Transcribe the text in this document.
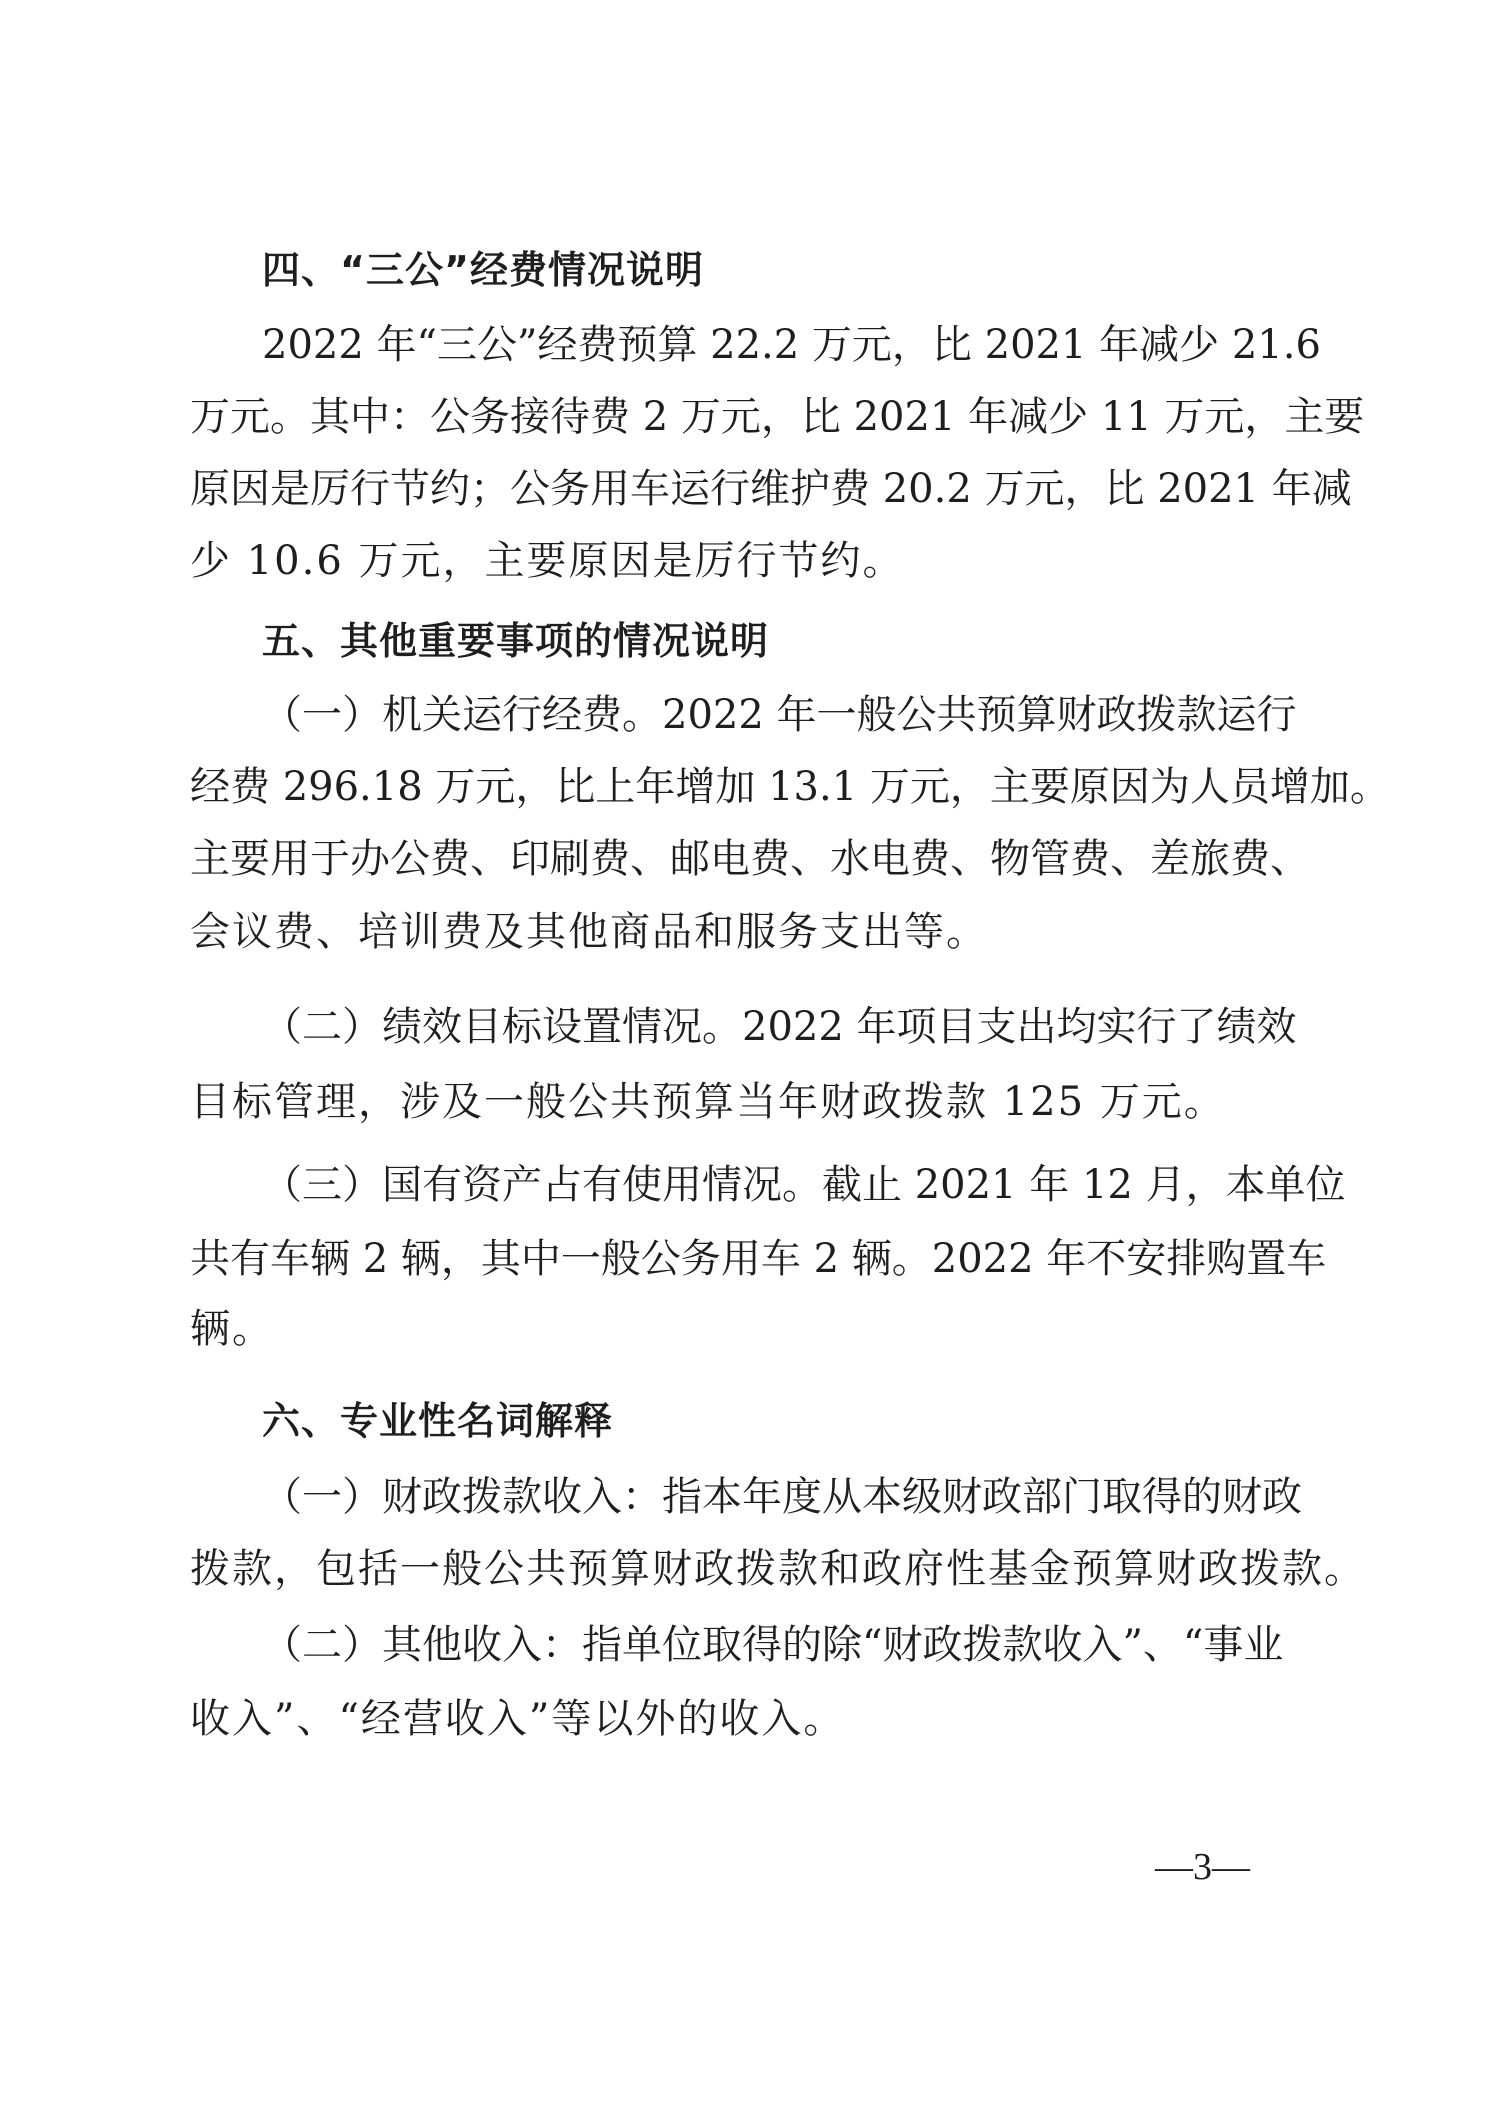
四、“三公”经费情况说明
2022 年“三公”经费预算 22.2 万元，比 2021 年减少 21.6
万元。其中：公务接待费 2 万元，比 2021 年减少 11 万元，主要
原因是厉行节约；公务用车运行维护费 20.2 万元，比 2021 年减
少 10.6 万元，主要原因是厉行节约。
五、其他重要事项的情况说明
（一）机关运行经费。2022 年一般公共预算财政拨款运行
经费 296.18 万元，比上年增加 13.1 万元，主要原因为人员增加。
主要用于办公费、印刷费、邮电费、水电费、物管费、差旅费、
会议费、培训费及其他商品和服务支出等。
（二）绩效目标设置情况。2022 年项目支出均实行了绩效
目标管理，涉及一般公共预算当年财政拨款 125 万元。
（三）国有资产占有使用情况。截止 2021 年 12 月，本单位
共有车辆 2 辆，其中一般公务用车 2 辆。2022 年不安排购置车
辆。
六、专业性名词解释
（一）财政拨款收入：指本年度从本级财政部门取得的财政
拨款，包括一般公共预算财政拨款和政府性基金预算财政拨款。
（二）其他收入：指单位取得的除“财政拨款收入”、“事业
收入”、“经营收入”等以外的收入。
—3—
